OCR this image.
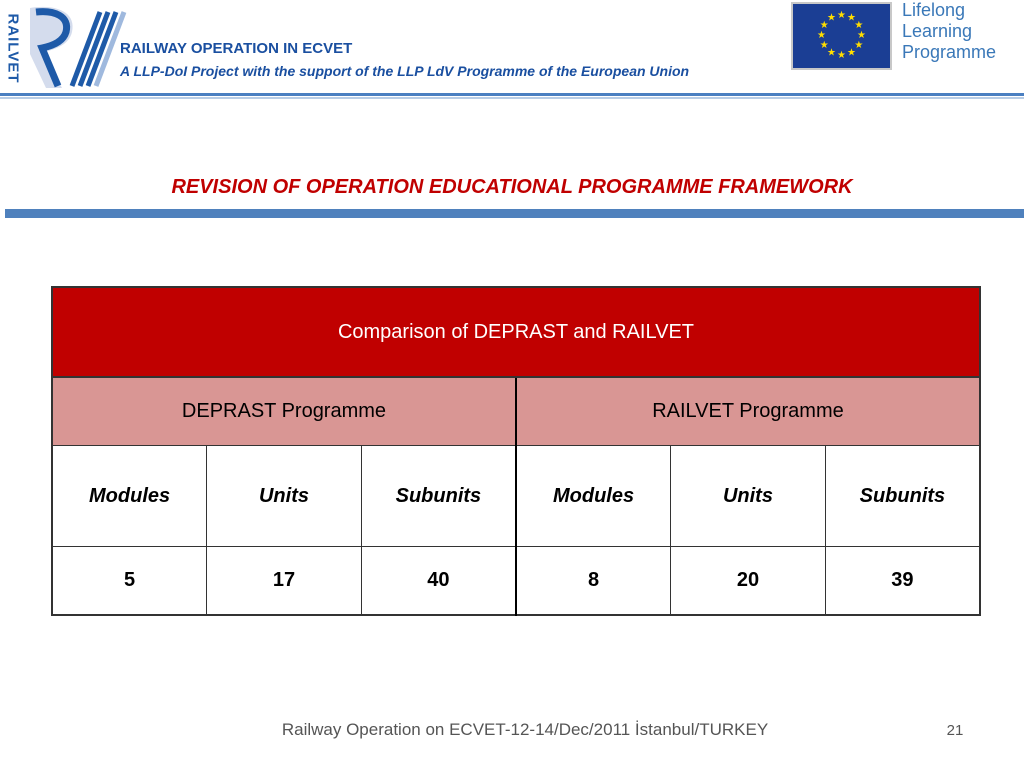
RAILVET	RAILWAY OPERATION IN ECVET
A LLP-DoI Project with the support of the LLP LdV Programme of the European Union
★ ★
★
★
★
★
★
★
★
★
★
★	Lifelong
Learning
Programme
REVISION OF OPERATION EDUCATIONAL PROGRAMME FRAMEWORK
Comparison of DEPRAST and RAILVET					
DEPRAST Programme			RAILVET Programme		
Modules	Units	Subunits	Modules	Units	Subunits
5	17	40	8	20	39
Railway Operation on ECVET-12-14/Dec/2011 İstanbul/TURKEY	21
